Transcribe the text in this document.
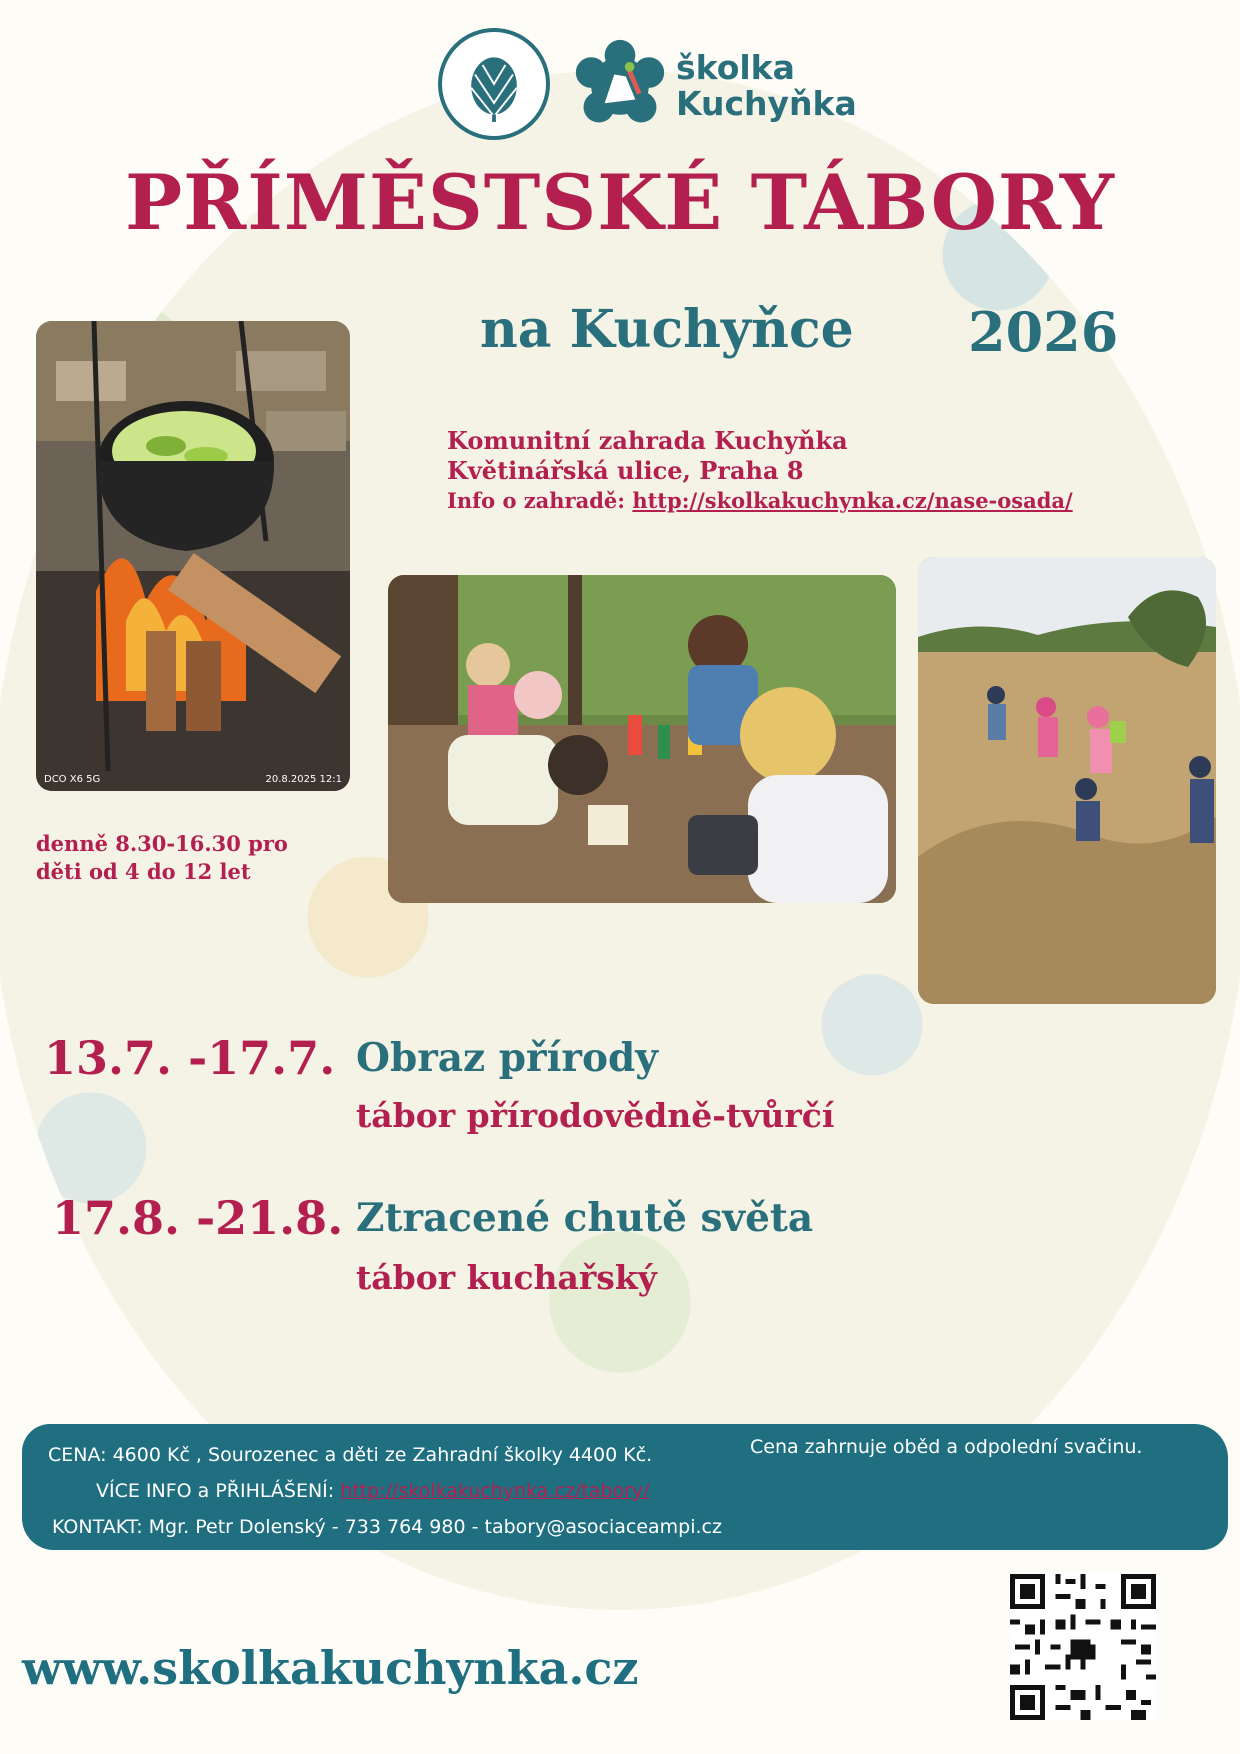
školka
Kuchyňka
PŘÍMĚSTSKÉ TÁBORY
na Kuchyňce 2026
DCO X6 5G	20.8.2025 12:1
Komunitní zahrada Kuchyňka
Květinářská ulice, Praha 8
Info o zahradě: http://skolkakuchynka.cz/nase-osada/
denně 8.30-16.30 pro
děti od 4 do 12 let
13.7. -17.7. Obraz přírody
tábor přírodovědně-tvůrčí
17.8. -21.8. Ztracené chutě světa
tábor kuchařský
CENA: 4600 Kč , Sourozenec a děti ze Zahradní školky 4400 Kč.	Cena zahrnuje oběd a odpolední svačinu.
VÍCE INFO a PŘIHLÁŠENÍ: http://skolkakuchynka.cz/tabory/
KONTAKT: Mgr. Petr Dolenský - 733 764 980 - tabory@asociaceampi.cz
www.skolkakuchynka.cz
